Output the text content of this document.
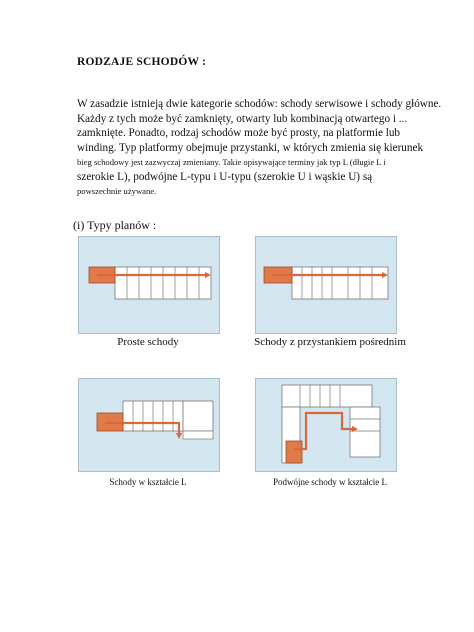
RODZAJE SCHODÓW :
W zasadzie istnieją dwie kategorie schodów: schody serwisowe i schody główne.
Każdy z tych może być zamknięty, otwarty lub kombinacją otwartego i ...
zamknięte. Ponadto, rodzaj schodów może być prosty, na platformie lub
winding. Typ platformy obejmuje przystanki, w których zmienia się kierunek
bieg schodowy jest zazwyczaj zmieniany. Takie opisywające terminy jak typ L (długie L i
szerokie L), podwójne L-typu i U-typu (szerokie U i wąskie U) są
powszechnie używane.
(i) Typy planów :
Proste schody	Schody z przystankiem pośrednim
Schody w kształcie L	Podwójne schody w kształcie L
